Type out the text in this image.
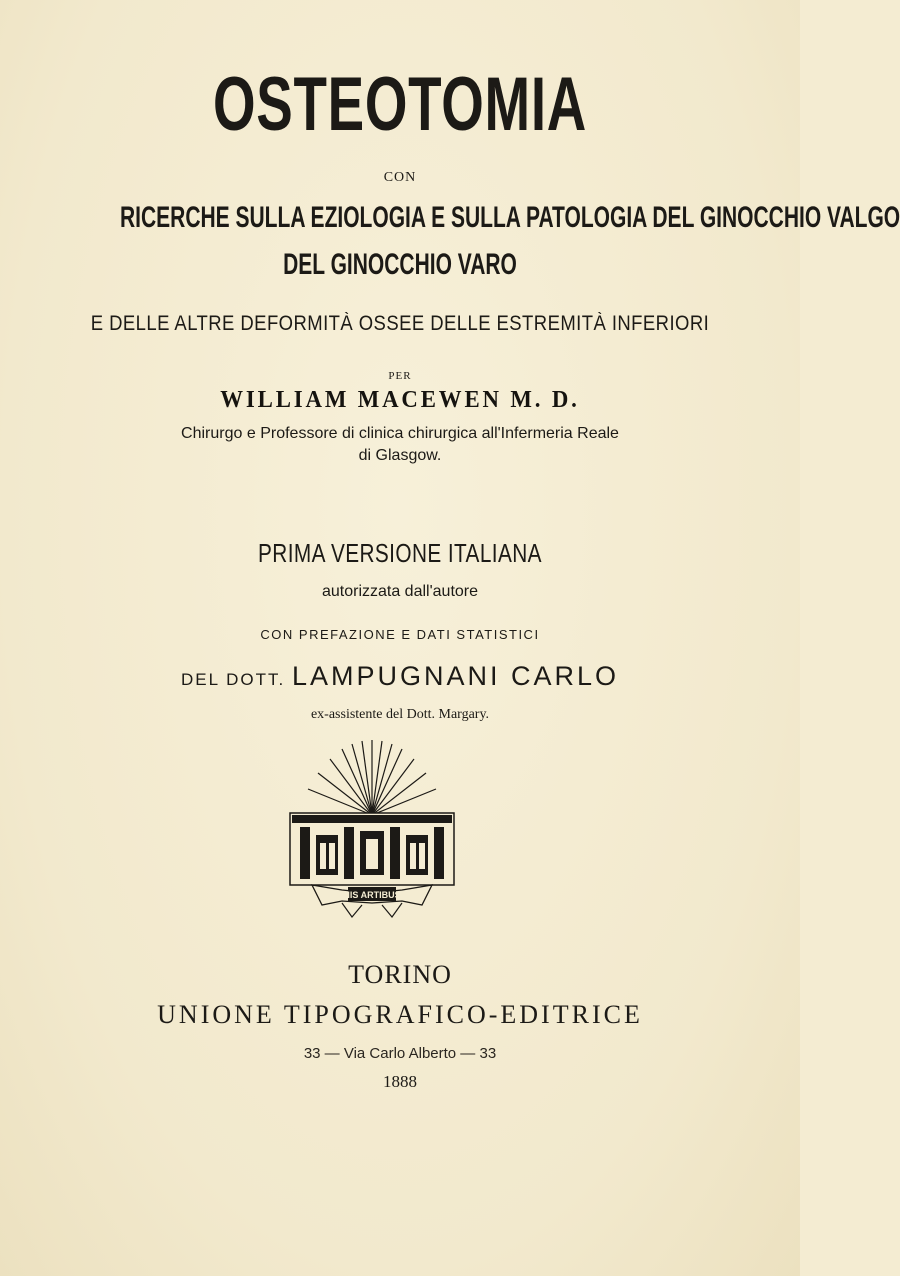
OSTEOTOMIA
CON
RICERCHE SULLA EZIOLOGIA E SULLA PATOLOGIA DEL GINOCCHIO VALGO
DEL GINOCCHIO VARO
E DELLE ALTRE DEFORMITÀ OSSEE DELLE ESTREMITÀ INFERIORI
PER
WILLIAM MACEWEN M. D.
Chirurgo e Professore di clinica chirurgica all'Infermeria Reale
di Glasgow.
PRIMA VERSIONE ITALIANA
autorizzata dall'autore
CON PREFAZIONE E DATI STATISTICI
DEL DOTT. LAMPUGNANI CARLO
ex-assistente del Dott. Margary.
HIS ARTIBUS
TORINO
UNIONE TIPOGRAFICO-EDITRICE
33 — Via Carlo Alberto — 33
1888
